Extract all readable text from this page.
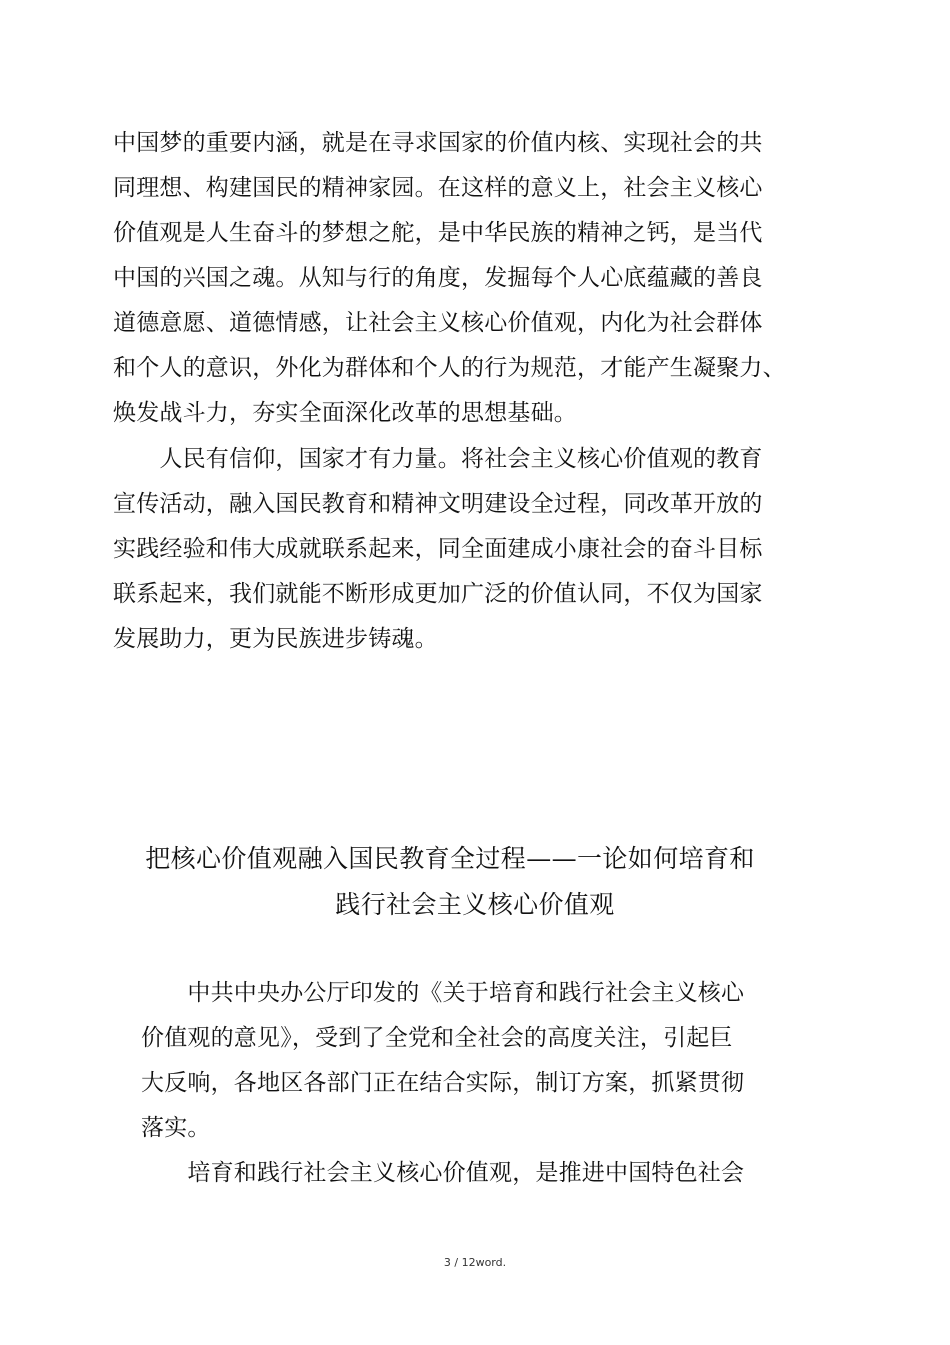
中国梦的重要内涵，就是在寻求国家的价值内核、实现社会的共
同理想、构建国民的精神家园。在这样的意义上，社会主义核心
价值观是人生奋斗的梦想之舵，是中华民族的精神之钙，是当代
中国的兴国之魂。从知与行的角度，发掘每个人心底蕴藏的善良
道德意愿、道德情感，让社会主义核心价值观，内化为社会群体
和个人的意识，外化为群体和个人的行为规范，才能产生凝聚力、
焕发战斗力，夯实全面深化改革的思想基础。
　　人民有信仰，国家才有力量。将社会主义核心价值观的教育
宣传活动，融入国民教育和精神文明建设全过程，同改革开放的
实践经验和伟大成就联系起来，同全面建成小康社会的奋斗目标
联系起来，我们就能不断形成更加广泛的价值认同，不仅为国家
发展助力，更为民族进步铸魂。
把核心价值观融入国民教育全过程——一论如何培育和
践行社会主义核心价值观
　　中共中央办公厅印发的《关于培育和践行社会主义核心
价值观的意见》，受到了全党和全社会的高度关注，引起巨
大反响，各地区各部门正在结合实际，制订方案，抓紧贯彻
落实。
　　培育和践行社会主义核心价值观，是推进中国特色社会
3 / 12word.
